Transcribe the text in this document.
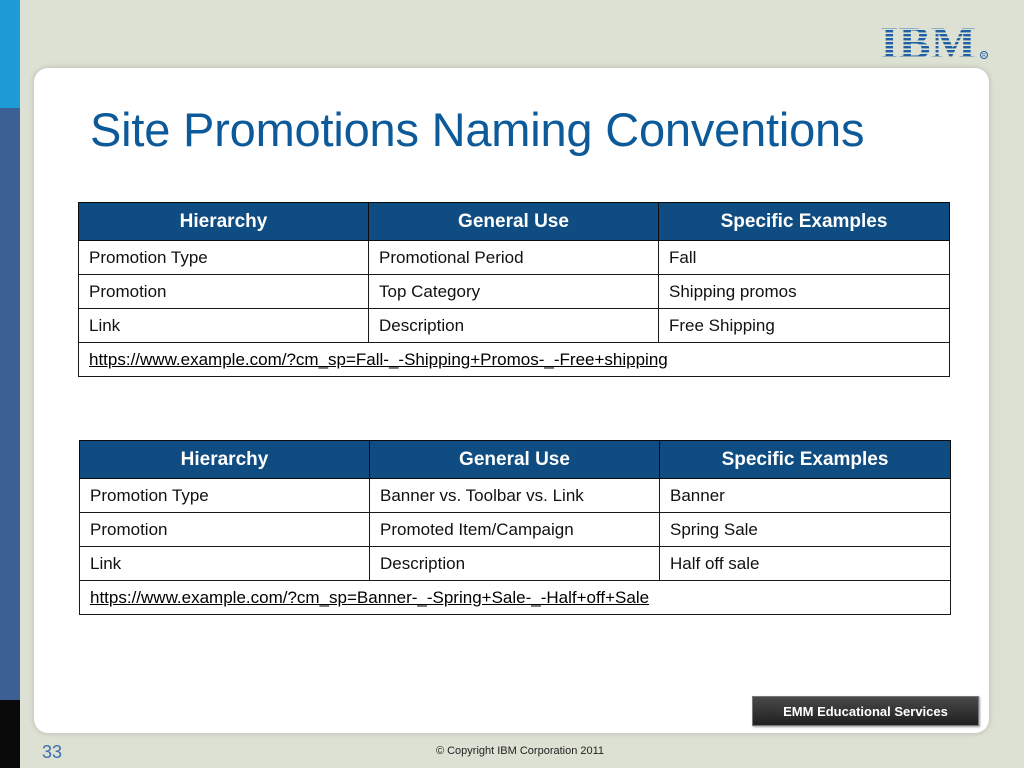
IBM R
Site Promotions Naming Conventions
Hierarchy	General Use	Specific Examples
Promotion Type	Promotional Period	Fall
Promotion	Top Category	Shipping promos
Link	Description	Free Shipping
https://www.example.com/?cm_sp=Fall-_-Shipping+Promos-_-Free+shipping		
Hierarchy	General Use	Specific Examples
Promotion Type	Banner vs. Toolbar vs. Link	Banner
Promotion	Promoted Item/Campaign	Spring Sale
Link	Description	Half off sale
https://www.example.com/?cm_sp=Banner-_-Spring+Sale-_-Half+off+Sale		
EMM Educational Services
33	© Copyright IBM Corporation 2011
